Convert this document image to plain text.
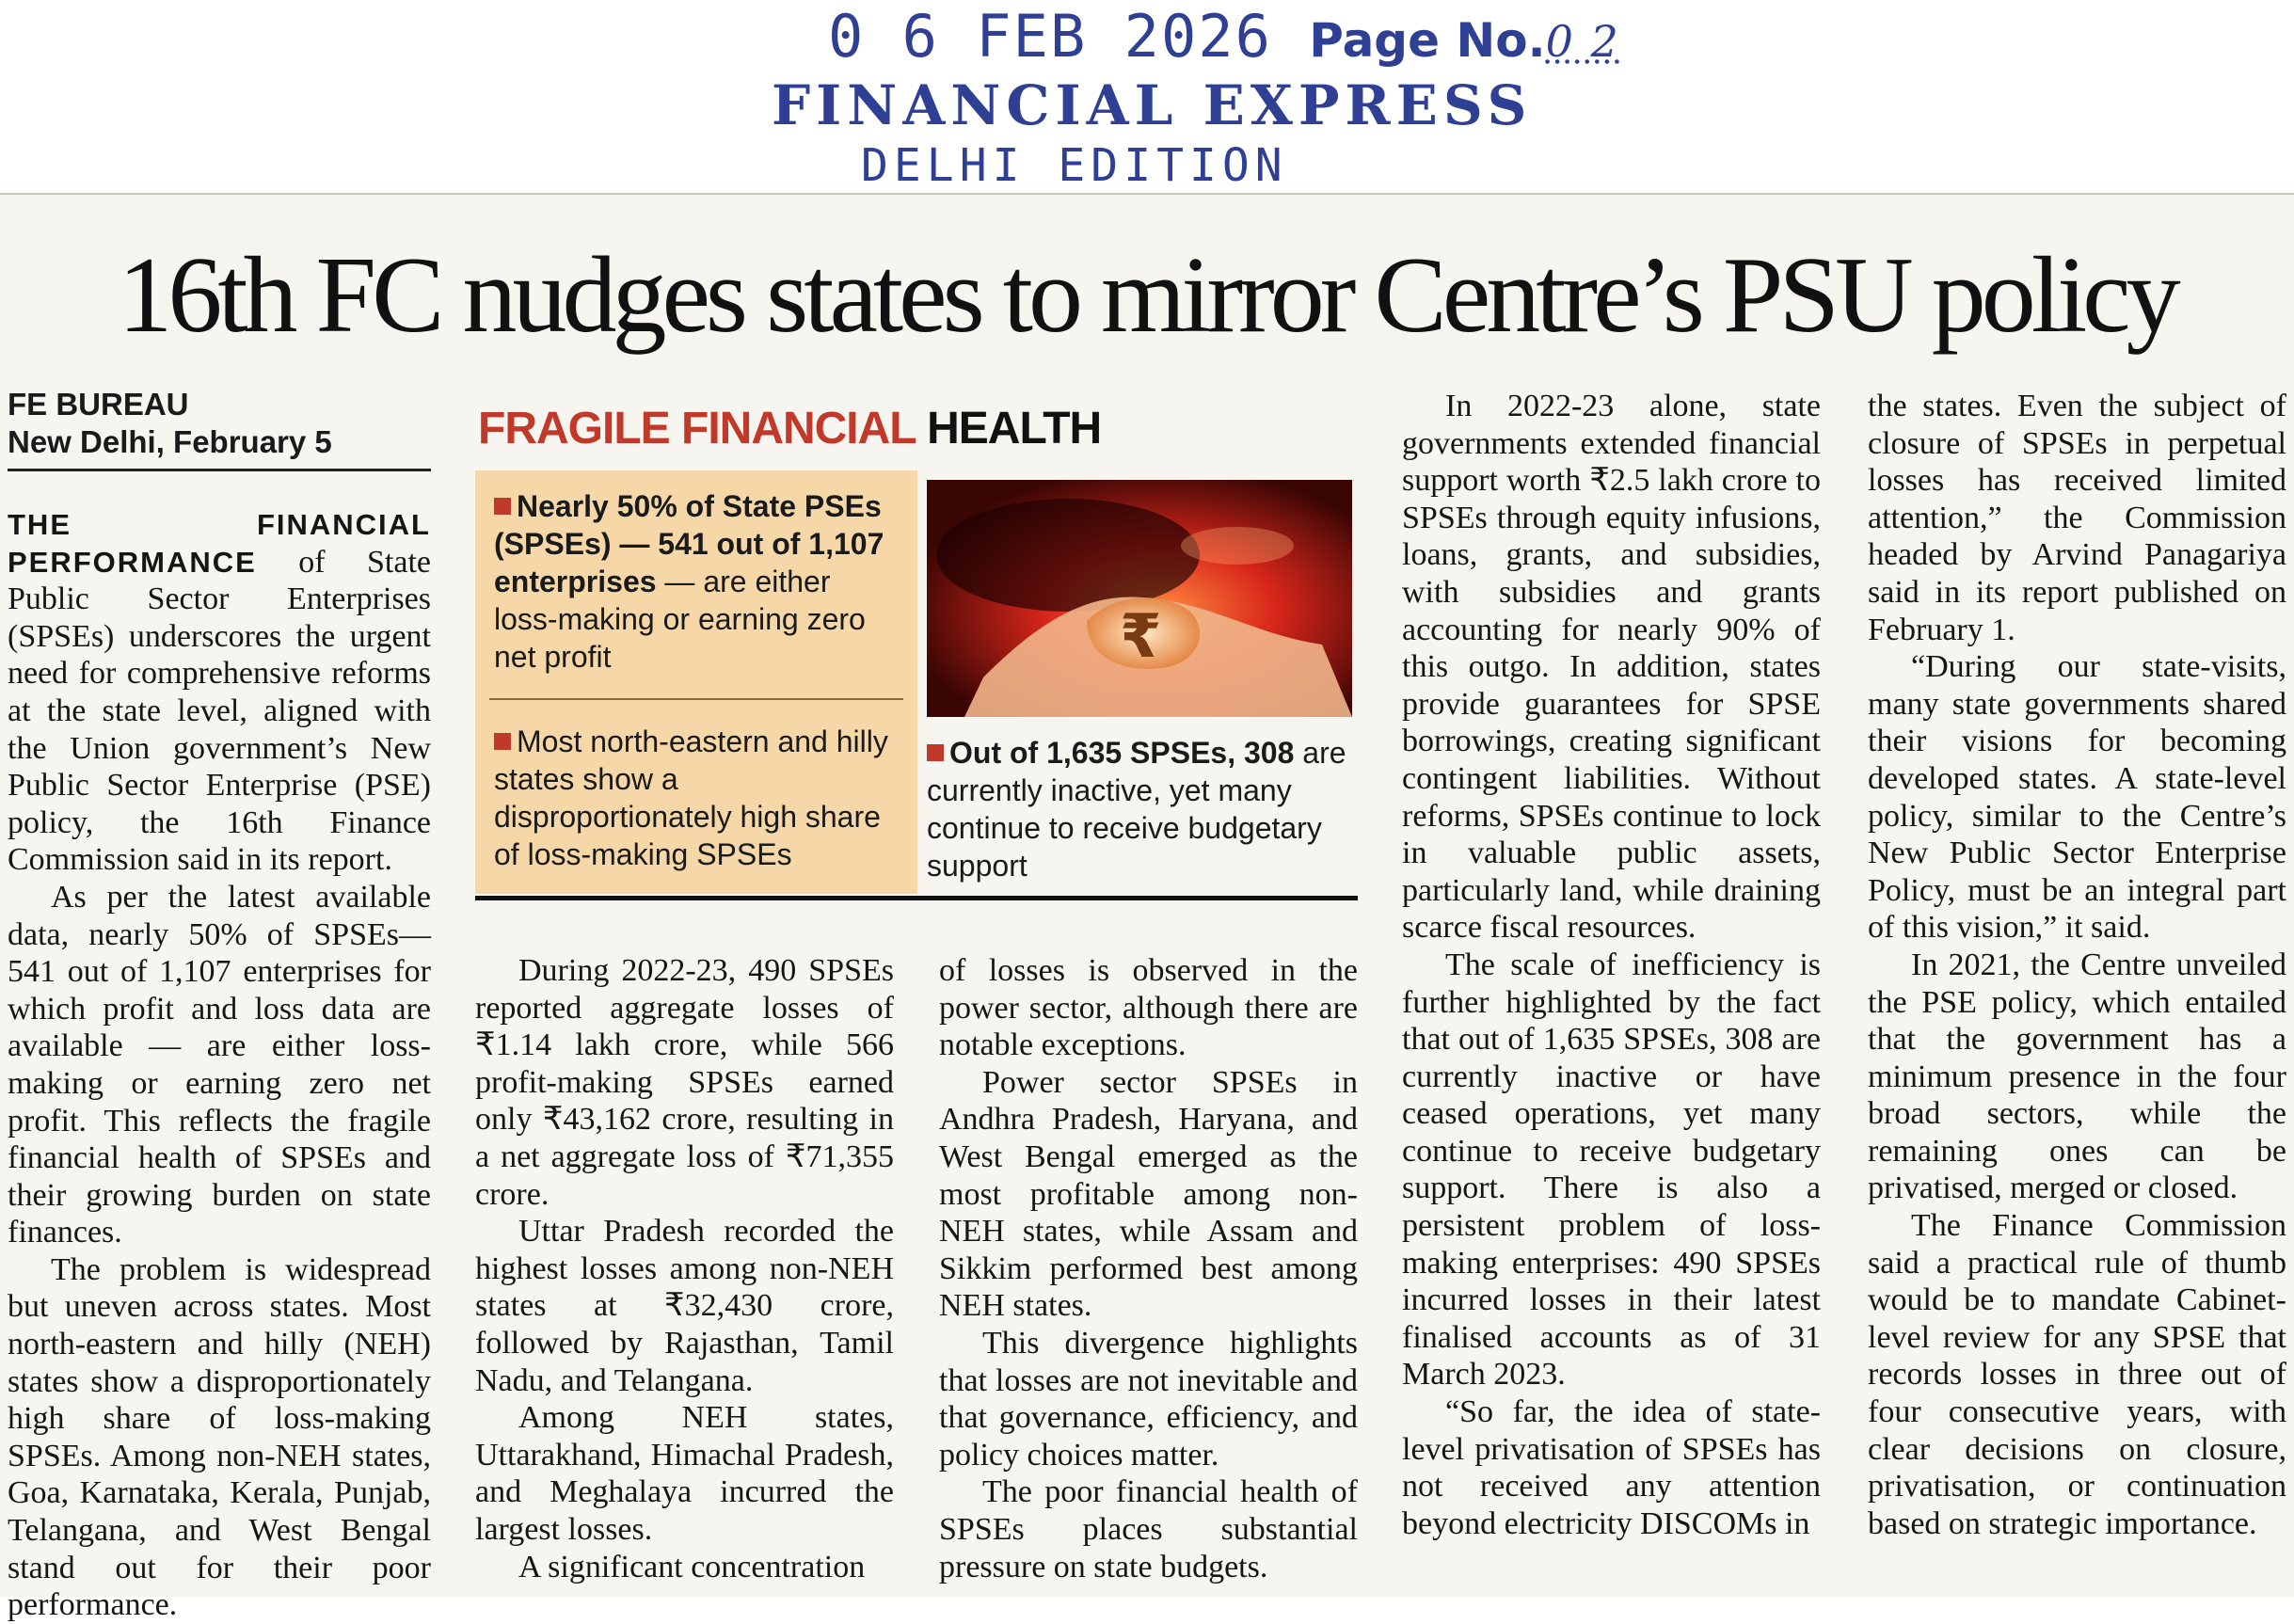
0 6 FEB 2026 Page No.0 2
FINANCIAL EXPRESS
DELHI EDITION
16th FC nudges states to mirror Centre’s PSU policy
FE BUREAU
New Delhi, February 5

THE FINANCIAL PERFORMANCE of State Public Sector Enterprises (SPSEs) underscores the urgent need for comprehensive reforms at the state level, aligned with the Union government’s New Public Sector Enterprise (PSE) policy, the 16th Finance Commission said in its report.

As per the latest available data, nearly 50% of SPSEs—541 out of 1,107 enterprises for which profit and loss data are available — are either loss-making or earning zero net profit. This reflects the fragile financial health of SPSEs and their growing burden on state finances.

The problem is widespread but uneven across states. Most north-eastern and hilly (NEH) states show a disproportionately high share of loss-making SPSEs. Among non-NEH states, Goa, Karnataka, Kerala, Punjab, Telangana, and West Bengal stand out for their poor performance.

FRAGILE FINANCIAL HEALTH
Nearly 50% of State PSEs (SPSEs) — 541 out of 1,107 enterprises — are either loss-making or earning zero net profit
Most north-eastern and hilly states show a disproportionately high share of loss-making SPSEs
₹
Out of 1,635 SPSEs, 308 are currently inactive, yet many continue to receive budgetary support

During 2022-23, 490 SPSEs reported aggregate losses of ₹1.14 lakh crore, while 566 profit-making SPSEs earned only ₹43,162 crore, resulting in a net aggregate loss of ₹71,355 crore.

Uttar Pradesh recorded the highest losses among non-NEH states at ₹32,430 crore, followed by Rajasthan, Tamil Nadu, and Telangana.

Among NEH states, Uttarakhand, Himachal Pradesh, and Meghalaya incurred the largest losses.

A significant concentration

of losses is observed in the power sector, although there are notable exceptions.

Power sector SPSEs in Andhra Pradesh, Haryana, and West Bengal emerged as the most profitable among non-NEH states, while Assam and Sikkim performed best among NEH states.

This divergence highlights that losses are not inevitable and that governance, efficiency, and policy choices matter.

The poor financial health of SPSEs places substantial pressure on state budgets.

In 2022-23 alone, state governments extended financial support worth ₹2.5 lakh crore to SPSEs through equity infusions, loans, grants, and subsidies, with subsidies and grants accounting for nearly 90% of this outgo. In addition, states provide guarantees for SPSE borrowings, creating significant contingent liabilities. Without reforms, SPSEs continue to lock in valuable public assets, particularly land, while draining scarce fiscal resources.

The scale of inefficiency is further highlighted by the fact that out of 1,635 SPSEs, 308 are currently inactive or have ceased operations, yet many continue to receive budgetary support. There is also a persistent problem of loss-making enterprises: 490 SPSEs incurred losses in their latest finalised accounts as of 31 March 2023.

“So far, the idea of state-level privatisation of SPSEs has not received any attention beyond electricity DISCOMs in

the states. Even the subject of closure of SPSEs in perpetual losses has received limited attention,” the Commission headed by Arvind Panagariya said in its report published on February 1.

“During our state-visits, many state governments shared their visions for becoming developed states. A state-level policy, similar to the Centre’s New Public Sector Enterprise Policy, must be an integral part of this vision,” it said.

In 2021, the Centre unveiled the PSE policy, which entailed that the government has a minimum presence in the four broad sectors, while the remaining ones can be privatised, merged or closed.

The Finance Commission said a practical rule of thumb would be to mandate Cabinet-level review for any SPSE that records losses in three out of four consecutive years, with clear decisions on closure, privatisation, or continuation based on strategic importance.
